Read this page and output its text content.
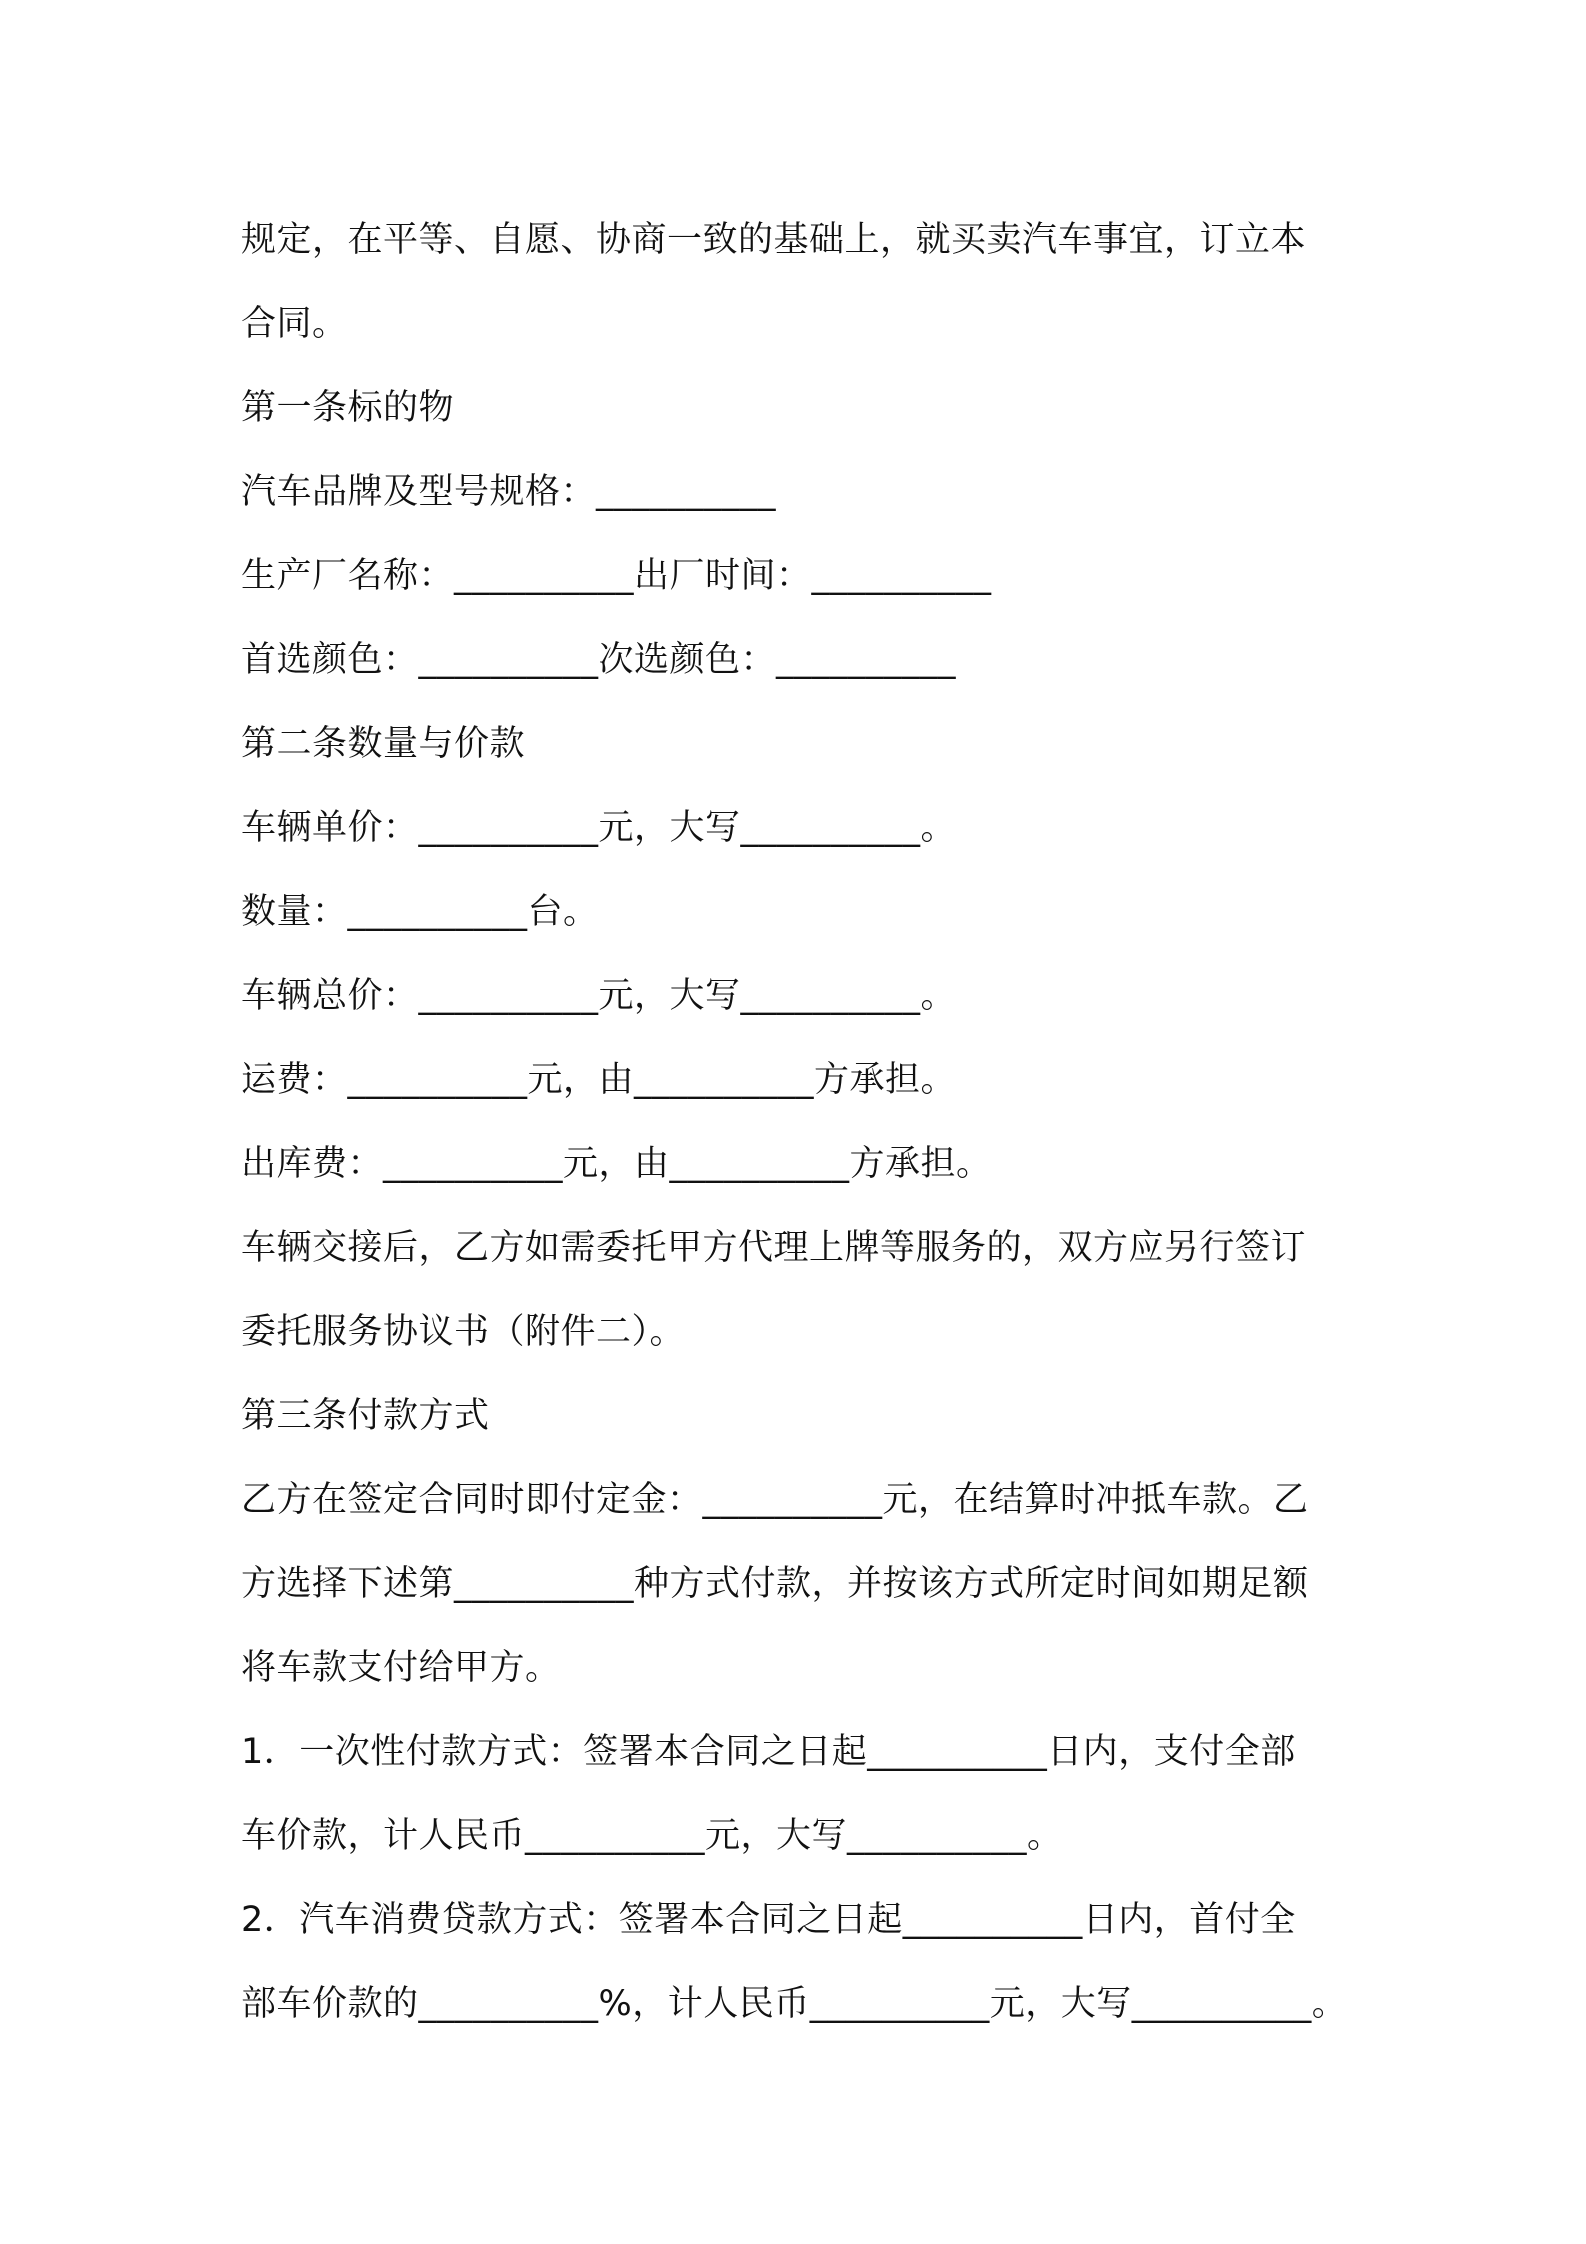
规定，在平等、自愿、协商一致的基础上，就买卖汽车事宜，订立本
合同。
第一条标的物
汽车品牌及型号规格：__________
生产厂名称：__________出厂时间：__________
首选颜色：__________次选颜色：__________
第二条数量与价款
车辆单价：__________元，大写__________。
数量：__________台。
车辆总价：__________元，大写__________。
运费：__________元，由__________方承担。
出库费：__________元，由__________方承担。
车辆交接后，乙方如需委托甲方代理上牌等服务的，双方应另行签订
委托服务协议书（附件二）。
第三条付款方式
乙方在签定合同时即付定金：__________元，在结算时冲抵车款。乙
方选择下述第__________种方式付款，并按该方式所定时间如期足额
将车款支付给甲方。
1．一次性付款方式：签署本合同之日起__________日内，支付全部
车价款，计人民币__________元，大写__________。
2．汽车消费贷款方式：签署本合同之日起__________日内，首付全
部车价款的__________%，计人民币__________元，大写__________。
